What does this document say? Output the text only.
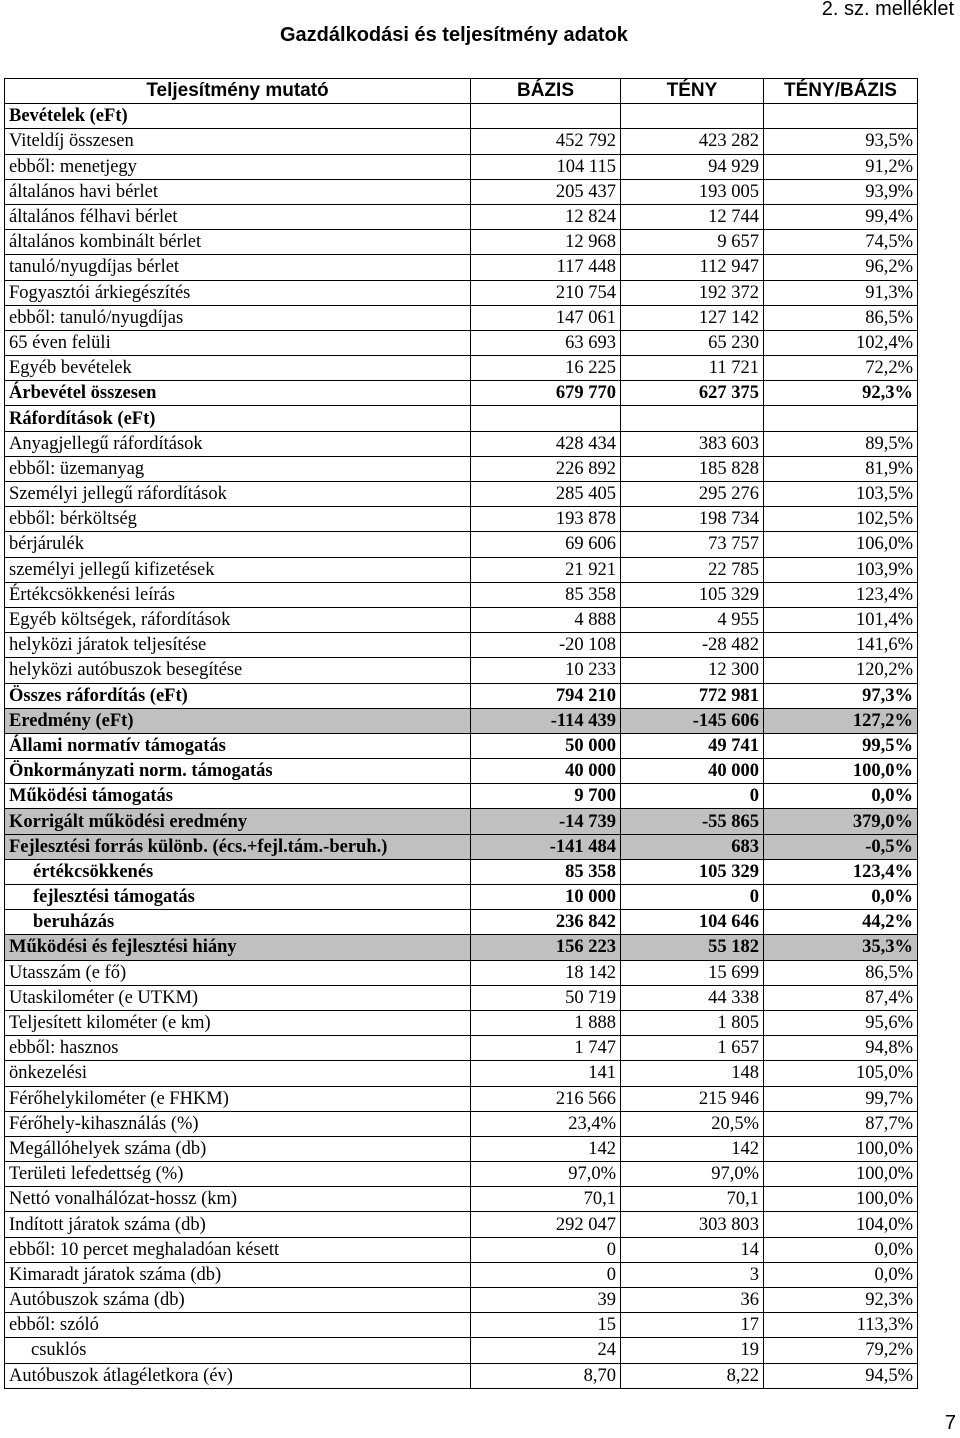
2. sz. melléklet
Gazdálkodási és teljesítmény adatok
Teljesítmény mutató	BÁZIS	TÉNY	TÉNY/BÁZIS
Bevételek (eFt)			
Viteldíj összesen	452 792	423 282	93,5%
ebből: menetjegy	104 115	94 929	91,2%
általános havi bérlet	205 437	193 005	93,9%
általános félhavi bérlet	12 824	12 744	99,4%
általános kombinált bérlet	12 968	9 657	74,5%
tanuló/nyugdíjas bérlet	117 448	112 947	96,2%
Fogyasztói árkiegészítés	210 754	192 372	91,3%
ebből: tanuló/nyugdíjas	147 061	127 142	86,5%
65 éven felüli	63 693	65 230	102,4%
Egyéb bevételek	16 225	11 721	72,2%
Árbevétel összesen	679 770	627 375	92,3%
Ráfordítások (eFt)			
Anyagjellegű ráfordítások	428 434	383 603	89,5%
ebből: üzemanyag	226 892	185 828	81,9%
Személyi jellegű ráfordítások	285 405	295 276	103,5%
ebből: bérköltség	193 878	198 734	102,5%
bérjárulék	69 606	73 757	106,0%
személyi jellegű kifizetések	21 921	22 785	103,9%
Értékcsökkenési leírás	85 358	105 329	123,4%
Egyéb költségek, ráfordítások	4 888	4 955	101,4%
helyközi járatok teljesítése	-20 108	-28 482	141,6%
helyközi autóbuszok besegítése	10 233	12 300	120,2%
Összes ráfordítás (eFt)	794 210	772 981	97,3%
Eredmény (eFt)	-114 439	-145 606	127,2%
Állami normatív támogatás	50 000	49 741	99,5%
Önkormányzati norm. támogatás	40 000	40 000	100,0%
Működési támogatás	9 700	0	0,0%
Korrigált működési eredmény	-14 739	-55 865	379,0%
Fejlesztési forrás különb. (écs.+fejl.tám.-beruh.)	-141 484	683	-0,5%
értékcsökkenés	85 358	105 329	123,4%
fejlesztési támogatás	10 000	0	0,0%
beruházás	236 842	104 646	44,2%
Működési és fejlesztési hiány	156 223	55 182	35,3%
Utasszám (e fő)	18 142	15 699	86,5%
Utaskilométer (e UTKM)	50 719	44 338	87,4%
Teljesített kilométer (e km)	1 888	1 805	95,6%
ebből: hasznos	1 747	1 657	94,8%
önkezelési	141	148	105,0%
Férőhelykilométer (e FHKM)	216 566	215 946	99,7%
Férőhely-kihasználás (%)	23,4%	20,5%	87,7%
Megállóhelyek száma (db)	142	142	100,0%
Területi lefedettség (%)	97,0%	97,0%	100,0%
Nettó vonalhálózat-hossz (km)	70,1	70,1	100,0%
Indított járatok száma (db)	292 047	303 803	104,0%
ebből: 10 percet meghaladóan késett	0	14	0,0%
Kimaradt járatok száma (db)	0	3	0,0%
Autóbuszok száma (db)	39	36	92,3%
ebből: szóló	15	17	113,3%
csuklós	24	19	79,2%
Autóbuszok átlagéletkora (év)	8,70	8,22	94,5%
7
